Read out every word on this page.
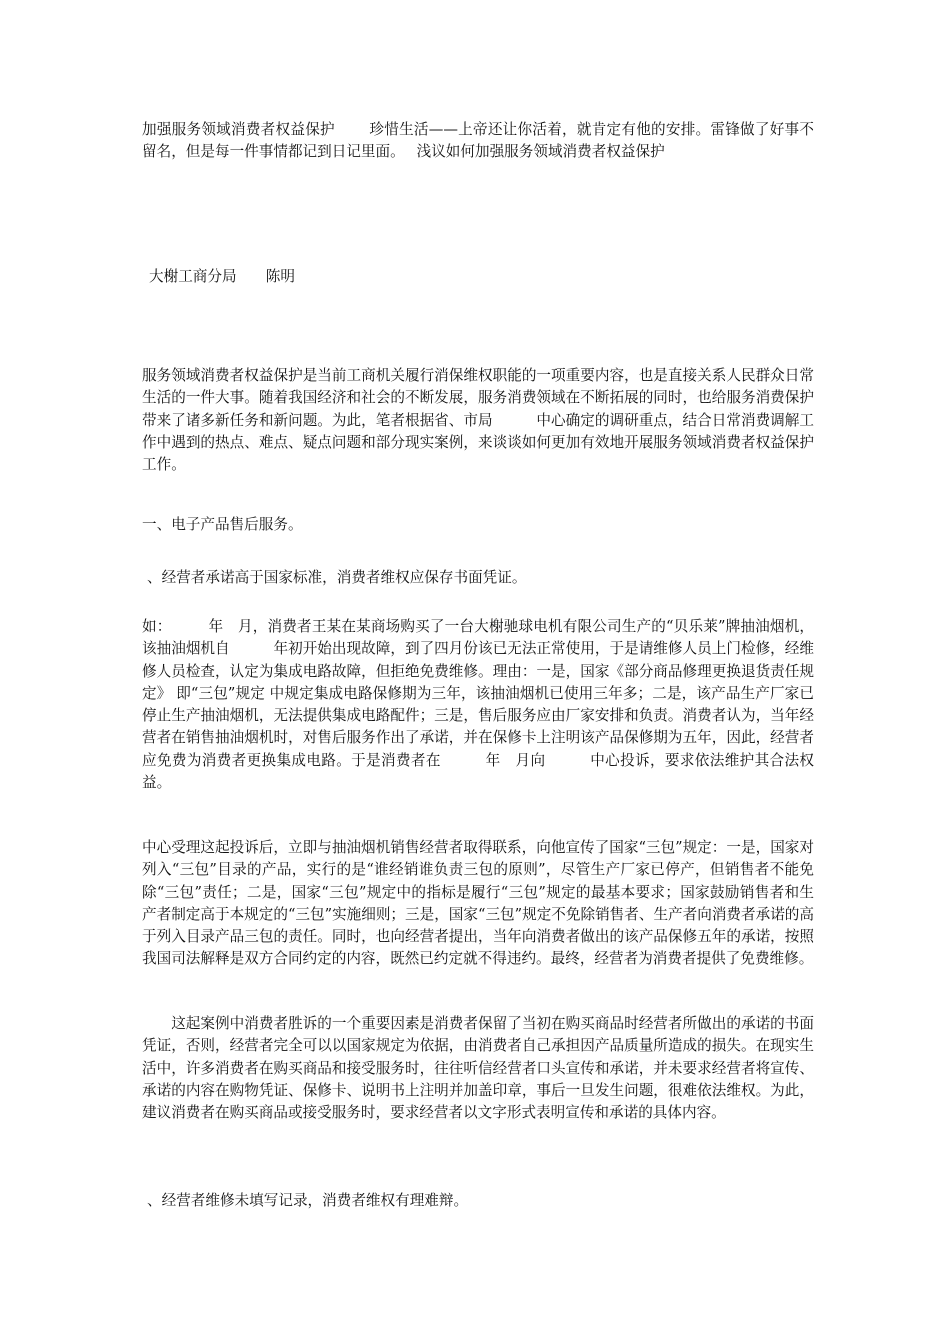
加强服务领域消费者权益保护　　 珍惜生活——上帝还让你活着，就肯定有他的安排。雷锋做了好事不留名，但是每一件事情都记到日记里面。　 浅议如何加强服务领域消费者权益保护

大榭工商分局　　陈明

服务领域消费者权益保护是当前工商机关履行消保维权职能的一项重要内容，也是直接关系人民群众日常生活的一件大事。随着我国经济和社会的不断发展，服务消费领域在不断拓展的同时，也给服务消费保护带来了诸多新任务和新问题。为此，笔者根据省、市局　　　中心确定的调研重点，结合日常消费调解工作中遇到的热点、难点、疑点问题和部分现实案例，来谈谈如何更加有效地开展服务领域消费者权益保护工作。

一、电子产品售后服务。

、经营者承诺高于国家标准，消费者维权应保存书面凭证。

如：　　　年　月，消费者王某在某商场购买了一台大榭驰球电机有限公司生产的“贝乐莱”牌抽油烟机，该抽油烟机自　　　年初开始出现故障，到了四月份该已无法正常使用，于是请维修人员上门检修，经维修人员检查，认定为集成电路故障，但拒绝免费维修。理由：一是，国家《部分商品修理更换退货责任规定》 即“三包”规定 中规定集成电路保修期为三年，该抽油烟机已使用三年多；二是，该产品生产厂家已停止生产抽油烟机，无法提供集成电路配件；三是，售后服务应由厂家安排和负责。消费者认为，当年经营者在销售抽油烟机时，对售后服务作出了承诺，并在保修卡上注明该产品保修期为五年，因此，经营者应免费为消费者更换集成电路。于是消费者在　　　年　月向　　　中心投诉，要求依法维护其合法权益。

中心受理这起投诉后，立即与抽油烟机销售经营者取得联系，向他宣传了国家“三包”规定：一是，国家对列入“三包”目录的产品，实行的是“谁经销谁负责三包的原则”，尽管生产厂家已停产，但销售者不能免除“三包”责任；二是，国家“三包”规定中的指标是履行“三包”规定的最基本要求；国家鼓励销售者和生产者制定高于本规定的“三包”实施细则；三是，国家“三包”规定不免除销售者、生产者向消费者承诺的高于列入目录产品三包的责任。同时，也向经营者提出，当年向消费者做出的该产品保修五年的承诺，按照我国司法解释是双方合同约定的内容，既然已约定就不得违约。最终，经营者为消费者提供了免费维修。

这起案例中消费者胜诉的一个重要因素是消费者保留了当初在购买商品时经营者所做出的承诺的书面凭证，否则，经营者完全可以以国家规定为依据，由消费者自己承担因产品质量所造成的损失。在现实生活中，许多消费者在购买商品和接受服务时，往往听信经营者口头宣传和承诺，并未要求经营者将宣传、承诺的内容在购物凭证、保修卡、说明书上注明并加盖印章，事后一旦发生问题，很难依法维权。为此，建议消费者在购买商品或接受服务时，要求经营者以文字形式表明宣传和承诺的具体内容。

、经营者维修未填写记录，消费者维权有理难辩。
